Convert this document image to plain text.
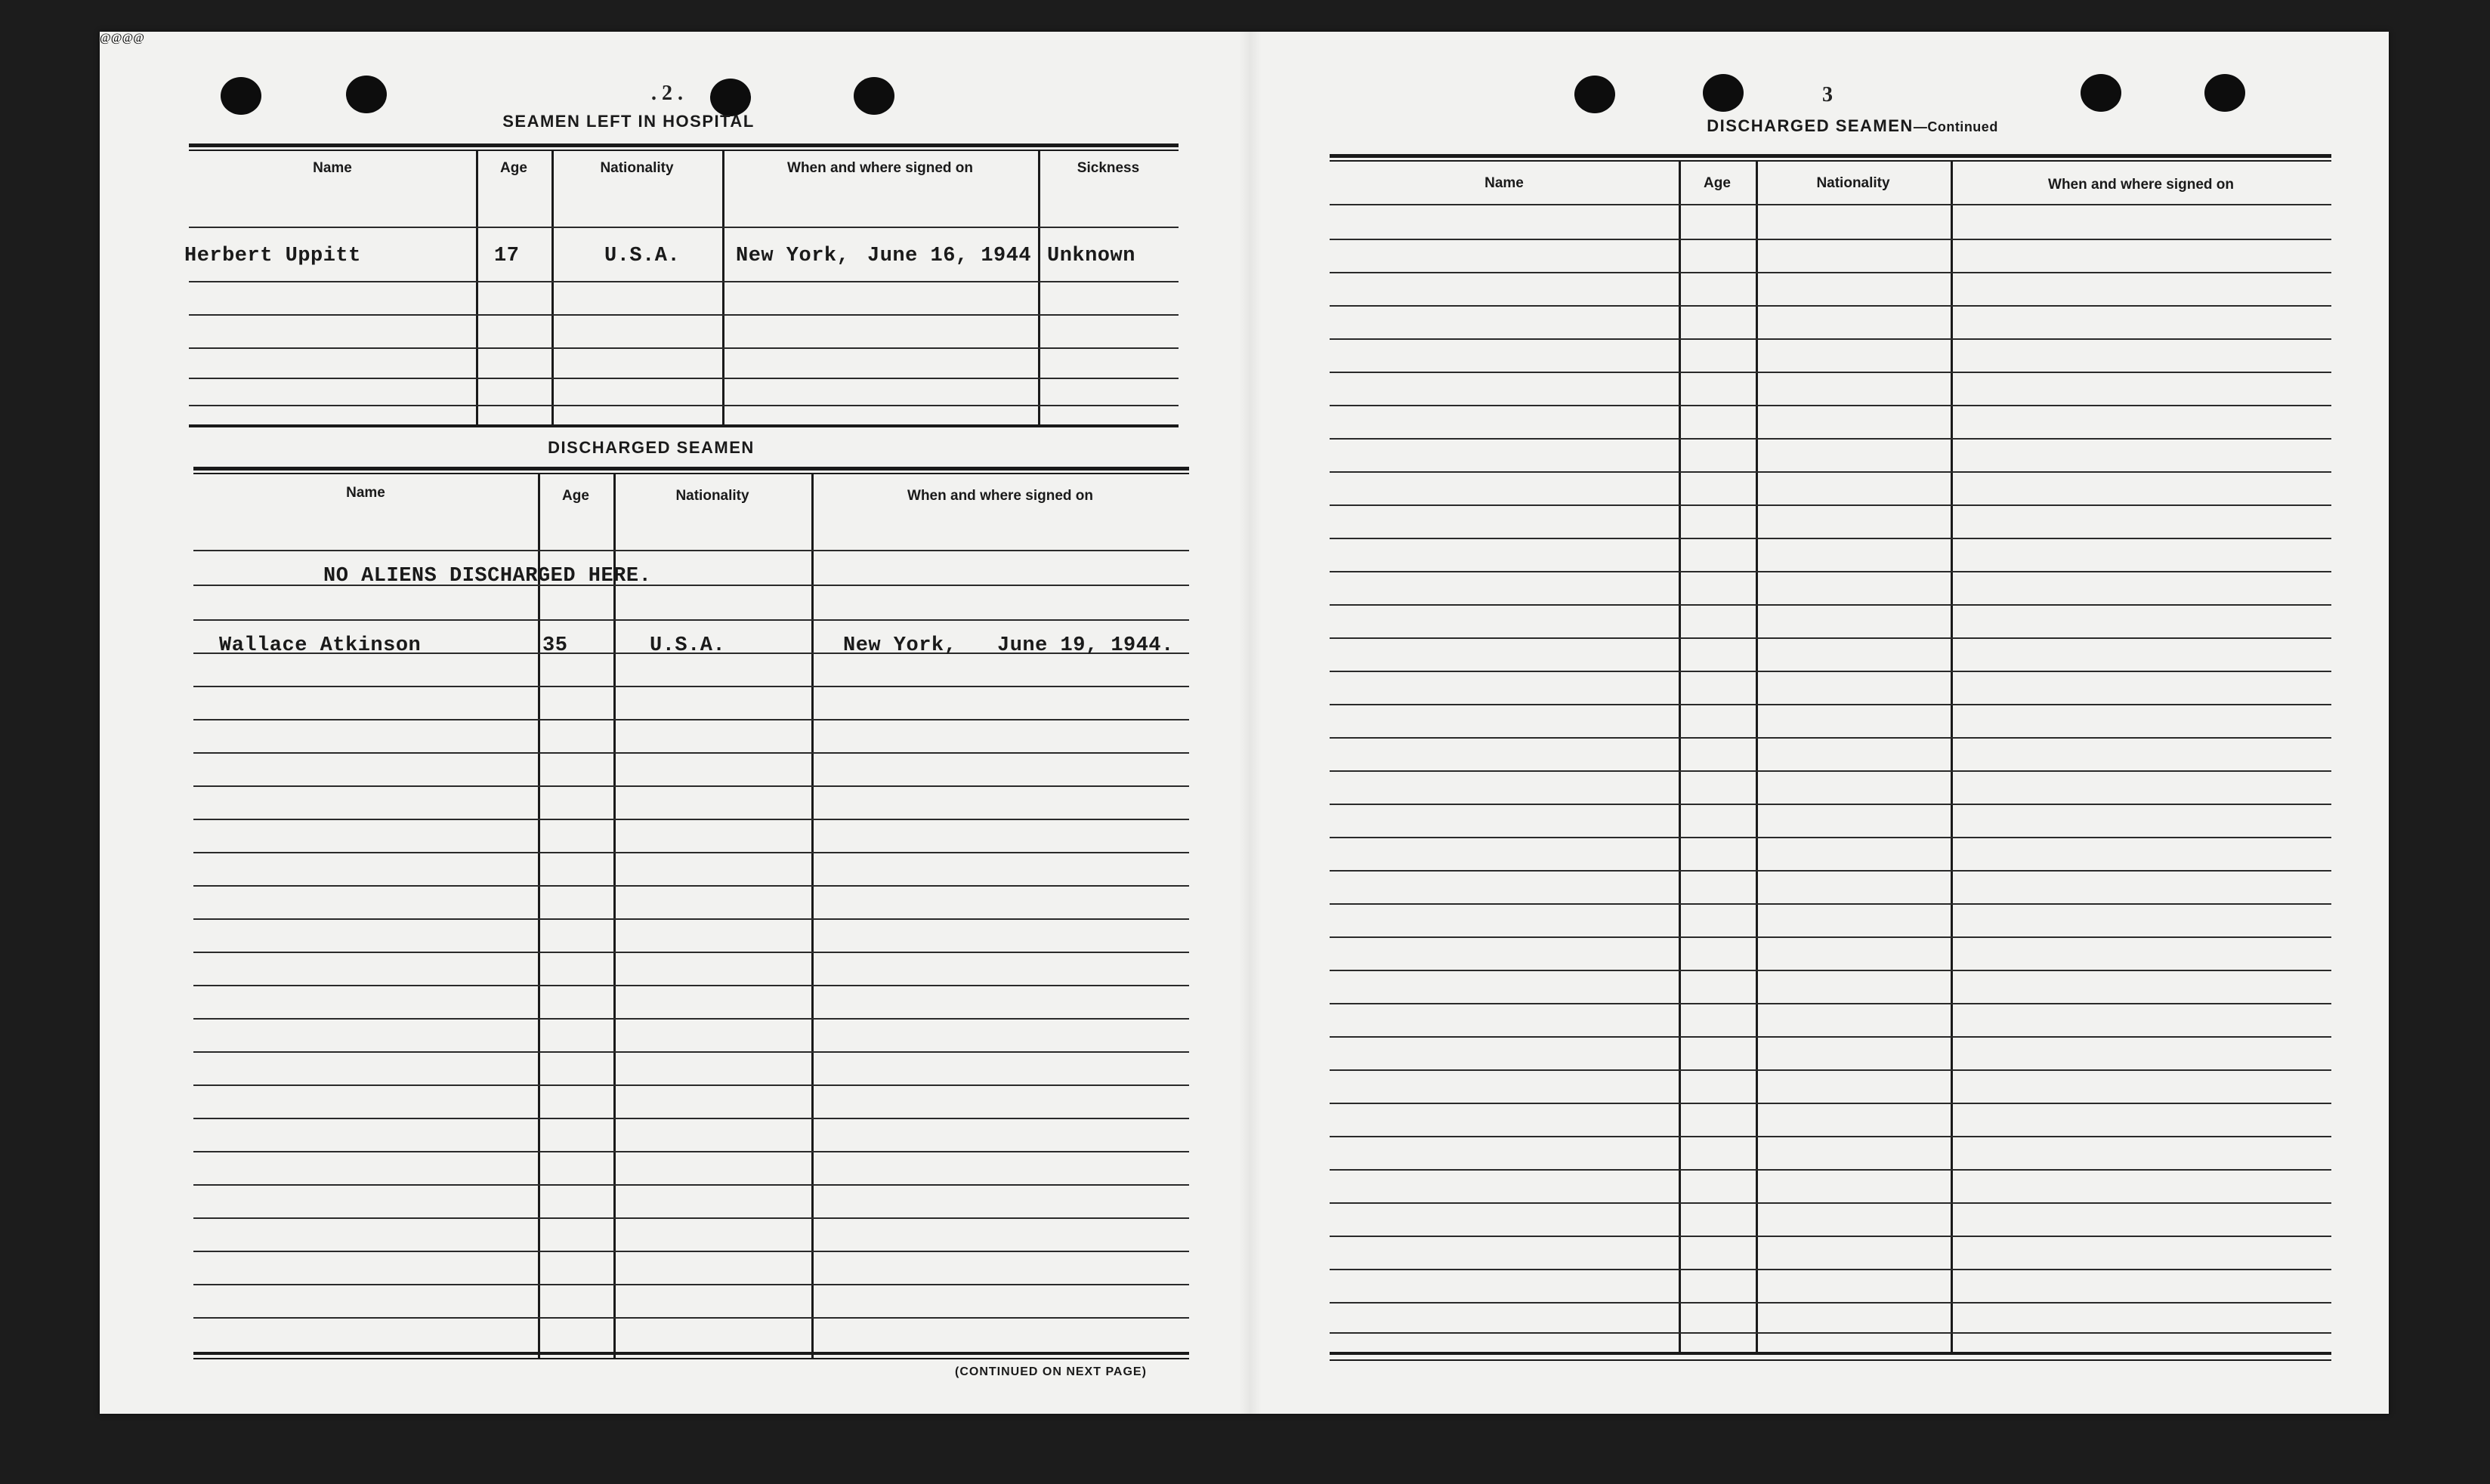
@@@@
. 2 .
SEAMEN LEFT IN HOSPITAL
Name	Age	Nationality	When and where signed on	Sickness
Herbert Uppitt	17	U.S.A.	New York, June 16, 1944 Unknown
DISCHARGED SEAMEN
Name	Age	Nationality	When and where signed on
NO ALIENS DISCHARGED HERE.
Wallace Atkinson	35	U.S.A.	New York, June 19, 1944.
(CONTINUED ON NEXT PAGE)
3
DISCHARGED SEAMEN—Continued
Name	Age	Nationality	When and where signed on
